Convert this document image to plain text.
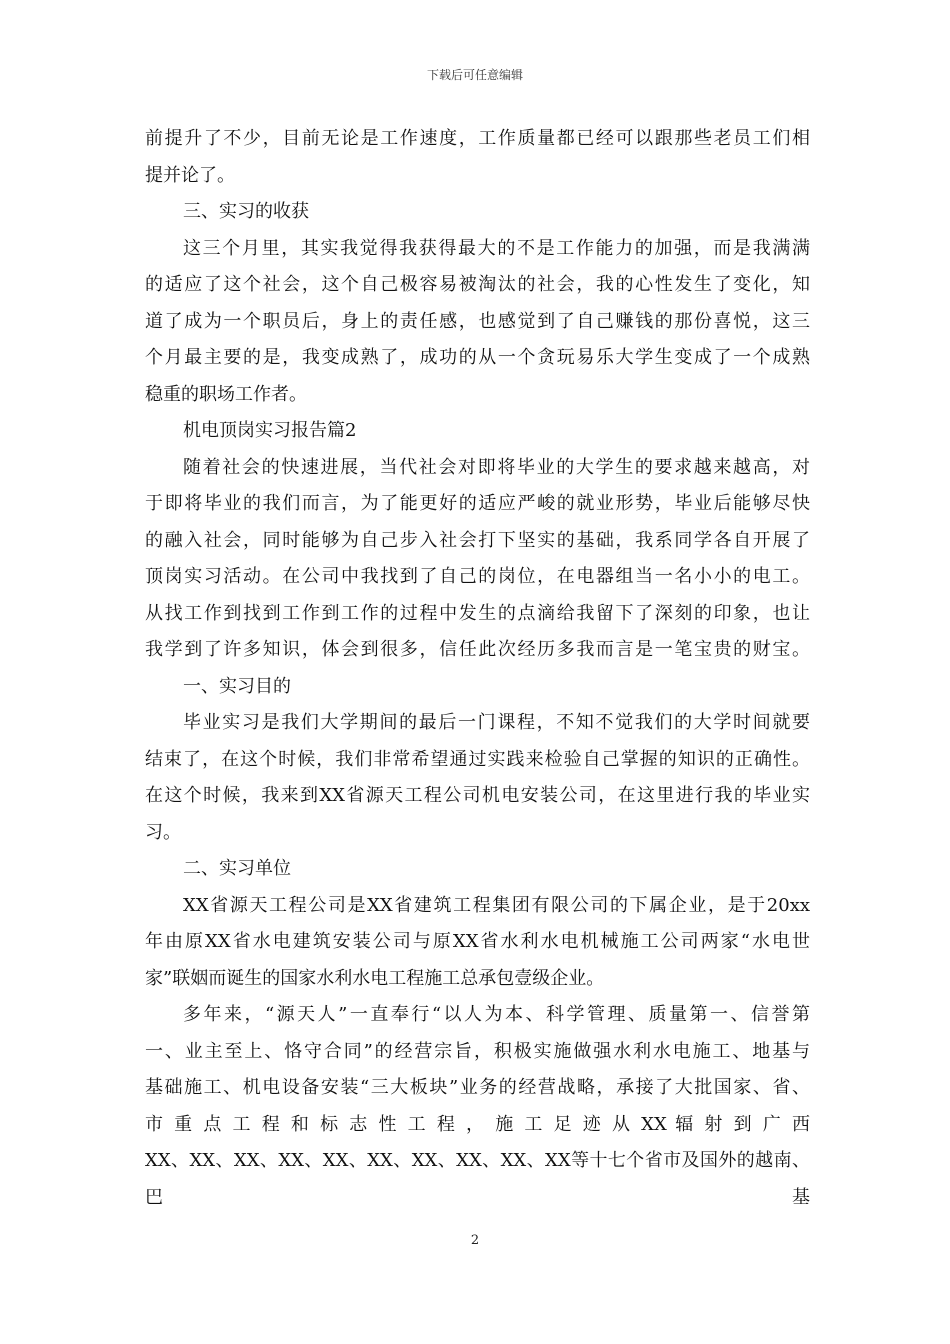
下载后可任意编辑
前提升了不少，目前无论是工作速度，工作质量都已经可以跟那些老员工们相
提并论了。
三、实习的收获
这三个月里，其实我觉得我获得最大的不是工作能力的加强，而是我满满
的适应了这个社会，这个自己极容易被淘汰的社会，我的心性发生了变化，知
道了成为一个职员后，身上的责任感，也感觉到了自己赚钱的那份喜悦，这三
个月最主要的是，我变成熟了，成功的从一个贪玩易乐大学生变成了一个成熟
稳重的职场工作者。
机电顶岗实习报告篇2
随着社会的快速进展，当代社会对即将毕业的大学生的要求越来越高，对
于即将毕业的我们而言，为了能更好的适应严峻的就业形势，毕业后能够尽快
的融入社会，同时能够为自己步入社会打下坚实的基础，我系同学各自开展了
顶岗实习活动。在公司中我找到了自己的岗位，在电器组当一名小小的电工。
从找工作到找到工作到工作的过程中发生的点滴给我留下了深刻的印象，也让
我学到了许多知识，体会到很多，信任此次经历多我而言是一笔宝贵的财宝。
一、实习目的
毕业实习是我们大学期间的最后一门课程，不知不觉我们的大学时间就要
结束了，在这个时候，我们非常希望通过实践来检验自己掌握的知识的正确性。
在这个时候，我来到XX省源天工程公司机电安装公司，在这里进行我的毕业实
习。
二、实习单位
XX省源天工程公司是XX省建筑工程集团有限公司的下属企业，是于20xx
年由原XX省水电建筑安装公司与原XX省水利水电机械施工公司两家“水电世
家”联姻而诞生的国家水利水电工程施工总承包壹级企业。
多年来，“源天人”一直奉行“以人为本、科学管理、质量第一、信誉第
一、业主至上、恪守合同”的经营宗旨，积极实施做强水利水电施工、地基与
基础施工、机电设备安装“三大板块”业务的经营战略，承接了大批国家、省、
市 重 点 工 程 和 标 志 性 工 程 ， 施 工 足 迹 从 XX 辐 射 到 广 西
XX、XX、XX、XX、XX、XX、XX、XX、XX、XX等十七个省市及国外的越南、巴基
2
